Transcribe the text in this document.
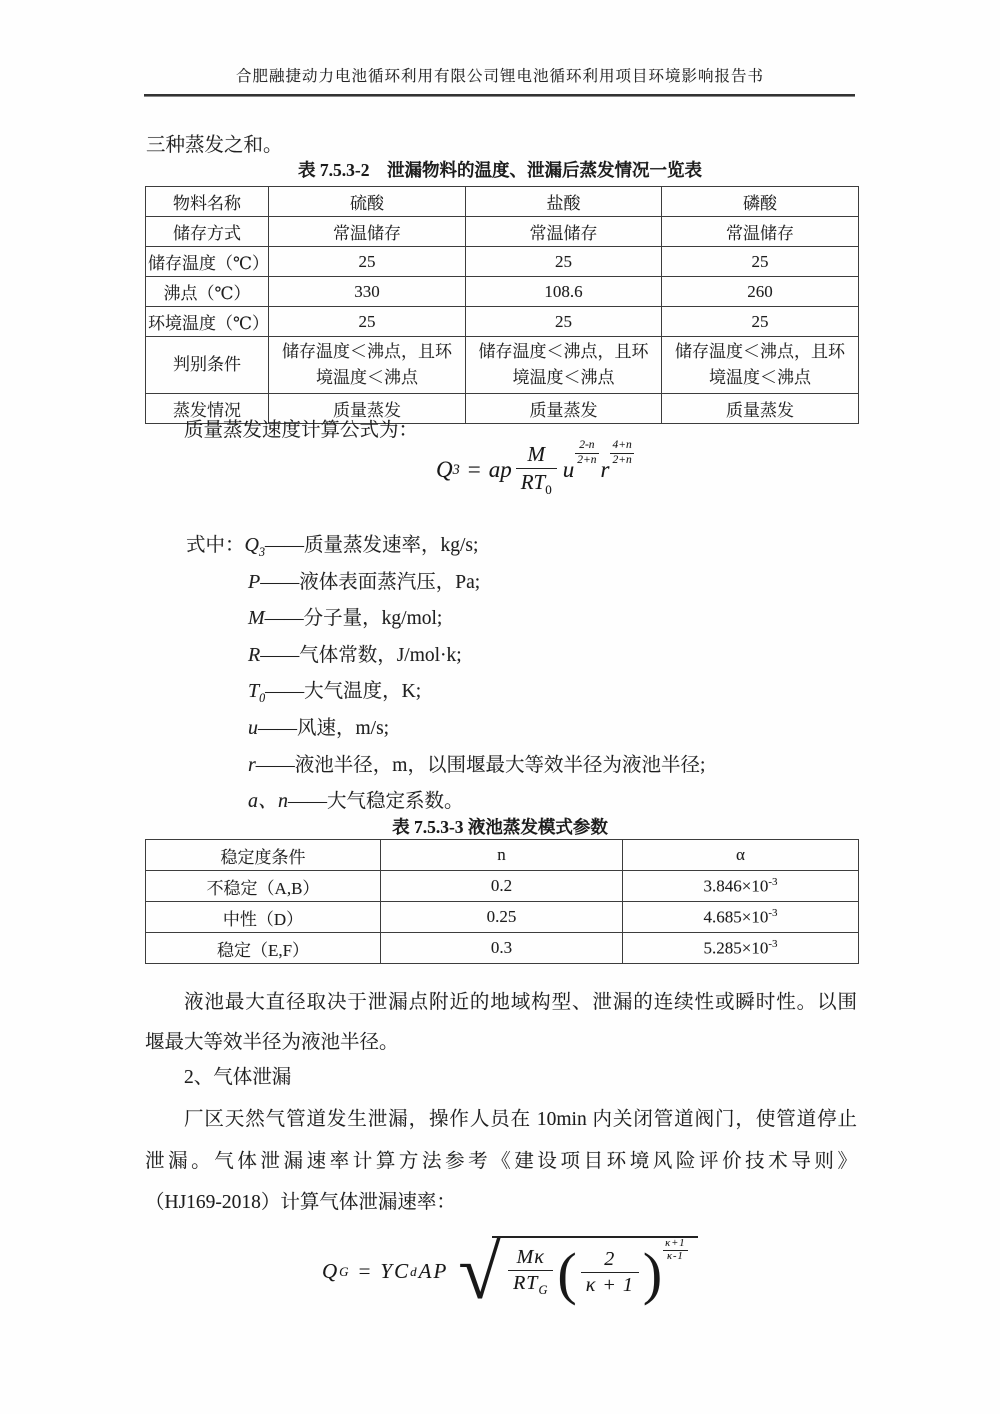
合肥融捷动力电池循环利用有限公司锂电池循环利用项目环境影响报告书
三种蒸发之和。
表 7.5.3-2　泄漏物料的温度、泄漏后蒸发情况一览表
物料名称	硫酸	盐酸	磷酸
储存方式	常温储存	常温储存	常温储存
储存温度（℃）	25	25	25
沸点（℃）	330	108.6	260
环境温度（℃）	25	25	25
判别条件	储存温度＜沸点，且环境温度＜沸点	储存温度＜沸点，且环境温度＜沸点	储存温度＜沸点，且环境温度＜沸点
蒸发情况	质量蒸发	质量蒸发	质量蒸发
质量蒸发速度计算公式为：
Q 3 = ap $\frac{M}{RT_0}$ u
2-n
2+n r
4+n
2+n
式中：$Q_3——$质量蒸发速率，kg/s;
P——液体表面蒸汽压，Pa;
M——分子量，kg/mol;
R——气体常数，J/mol·k;
$T_0——$大气温度，K;
u——风速，m/s;
r——液池半径，m，以围堰最大等效半径为液池半径;
a、n——大气稳定系数。
表 7.5.3-3 液池蒸发模式参数
稳定度条件	n	α
不稳定（A,B）	0.2	$3.846\times 10^{-3}$
中性（D）	0.25	$4.685\times 10^{-3}$
稳定（E,F）	0.3	$5.285\times 10^{-3}$
液池最大直径取决于泄漏点附近的地域构型、泄漏的连续性或瞬时性。以围
堰最大等效半径为液池半径。
2、气体泄漏
厂区天然气管道发生泄漏，操作人员在 10min 内关闭管道阀门，使管道停止
泄漏。气体泄漏速率计算方法参考《建设项目环境风险评价技术导则》
（HJ169-2018）计算气体泄漏速率：
Q G = YC d AP √ $\frac{M\kappa}{RT_G}$ ( $\frac{2}{\kappa + 1}$ ) κ+1
κ-1
